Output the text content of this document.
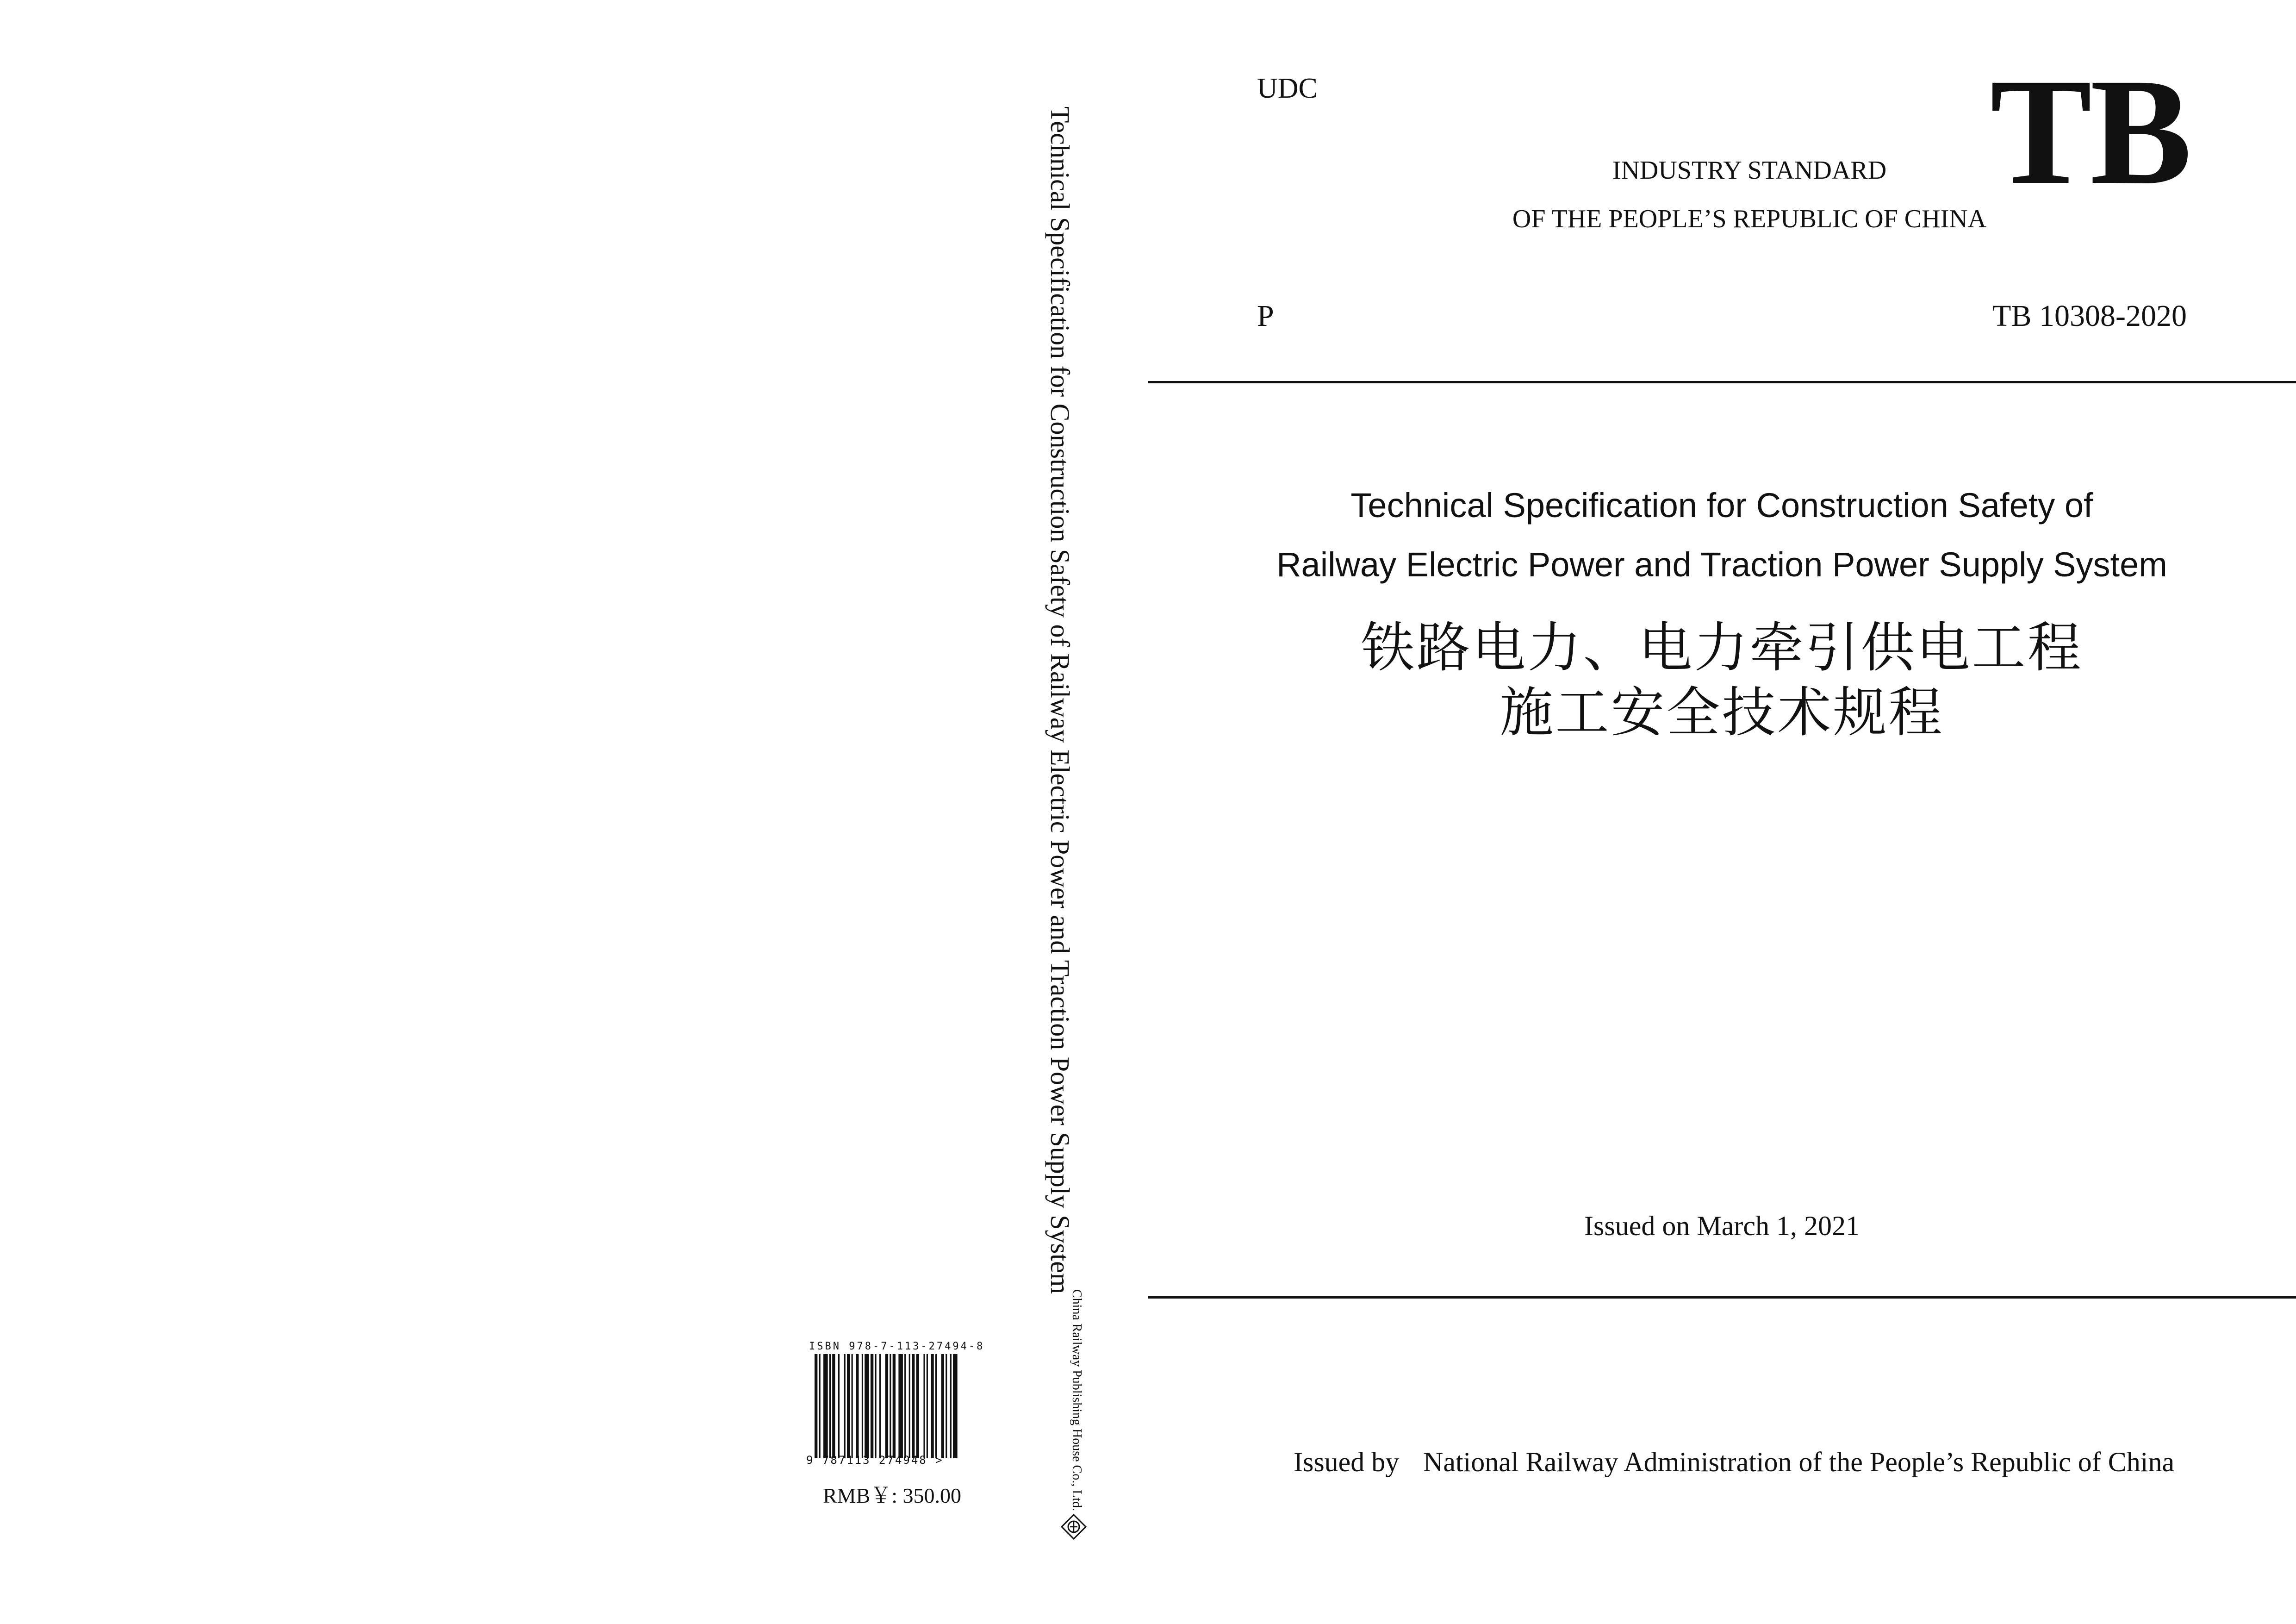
UDC	TB
INDUSTRY STANDARD
OF THE PEOPLE’S REPUBLIC OF CHINA
P	TB 10308-2020
Technical Specification for Construction Safety of
Railway Electric Power and Traction Power Supply System
铁路电力、电力牵引供电工程
施工安全技术规程
Issued on March 1, 2021
Issued by National Railway Administration of the People’s Republic of China
Technical Specification for Construction Safety of Railway Electric Power and Traction Power Supply System
China Railway Publishing House Co., Ltd.
ISBN 978-7-113-27494-8
9 787113 274948 >
RMB￥: 350.00
